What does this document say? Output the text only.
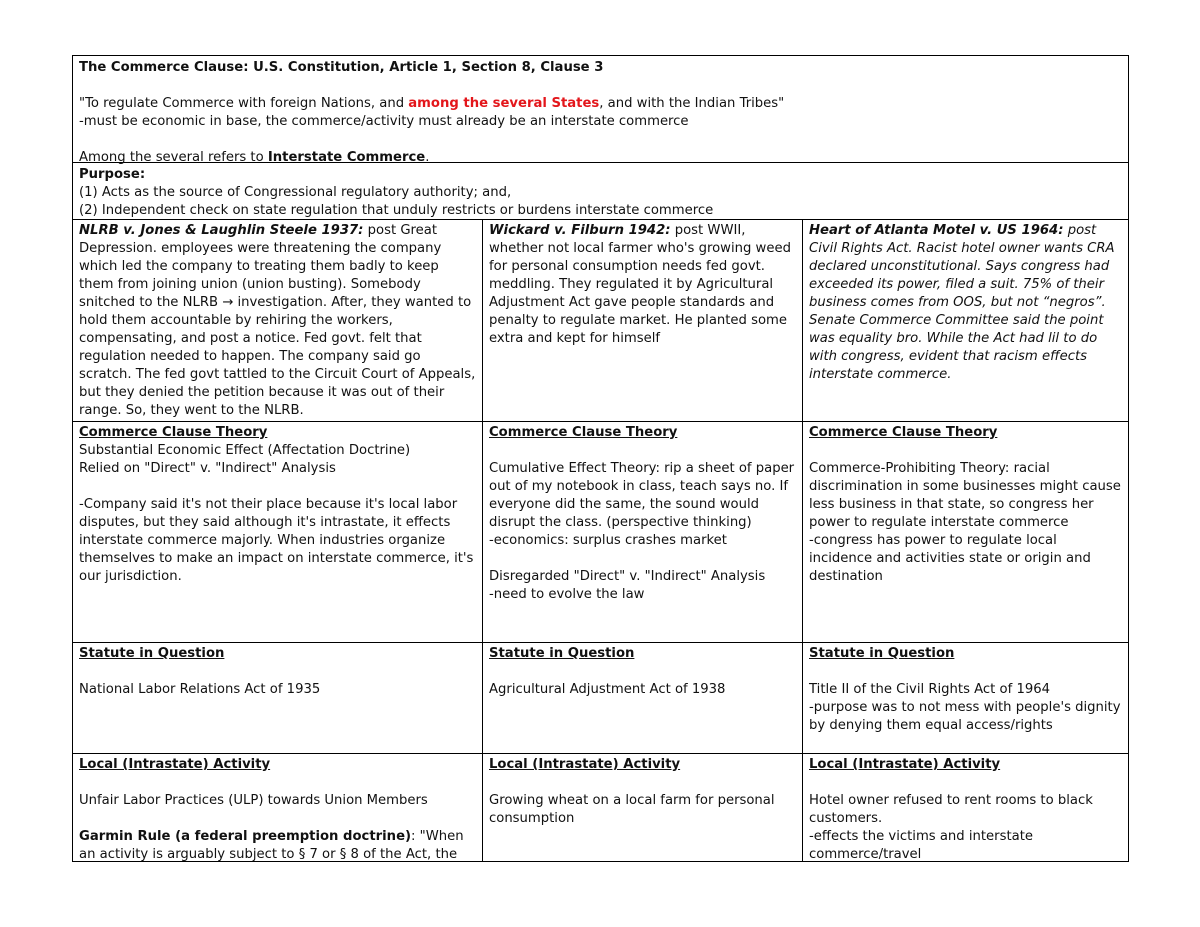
The Commerce Clause: U.S. Constitution, Article 1, Section 8, Clause 3
"To regulate Commerce with foreign Nations, and among the several States, and with the Indian Tribes"
-must be economic in base, the commerce/activity must already be an interstate commerce
Among the several refers to Interstate Commerce.
Purpose:
(1) Acts as the source of Congressional regulatory authority; and,
(2) Independent check on state regulation that unduly restricts or burdens interstate commerce
NLRB v. Jones & Laughlin Steele 1937: post Great Depression. employees were threatening the company which led the company to treating them badly to keep them from joining union (union busting). Somebody snitched to the NLRB → investigation. After, they wanted to hold them accountable by rehiring the workers, compensating, and post a notice. Fed govt. felt that regulation needed to happen. The company said go scratch. The fed govt tattled to the Circuit Court of Appeals, but they denied the petition because it was out of their range. So, they went to the NLRB.
Wickard v. Filburn 1942: post WWII, whether not local farmer who's growing weed for personal consumption needs fed govt. meddling. They regulated it by Agricultural Adjustment Act gave people standards and penalty to regulate market. He planted some extra and kept for himself
Heart of Atlanta Motel v. US 1964: post Civil Rights Act. Racist hotel owner wants CRA declared unconstitutional. Says congress had exceeded its power, filed a suit. 75% of their business comes from OOS, but not “negros”. Senate Commerce Committee said the point was equality bro. While the Act had lil to do with congress, evident that racism effects interstate commerce.
Commerce Clause Theory
Substantial Economic Effect (Affectation Doctrine)
Relied on "Direct" v. "Indirect" Analysis
-Company said it's not their place because it's local labor disputes, but they said although it's intrastate, it effects interstate commerce majorly. When industries organize themselves to make an impact on interstate commerce, it's our jurisdiction.
Commerce Clause Theory
Cumulative Effect Theory: rip a sheet of paper out of my notebook in class, teach says no. If everyone did the same, the sound would disrupt the class. (perspective thinking)
-economics: surplus crashes market
Disregarded "Direct" v. "Indirect" Analysis
-need to evolve the law
Commerce Clause Theory
Commerce-Prohibiting Theory: racial discrimination in some businesses might cause less business in that state, so congress her power to regulate interstate commerce
-congress has power to regulate local incidence and activities state or origin and destination
Statute in Question
National Labor Relations Act of 1935
Statute in Question
Agricultural Adjustment Act of 1938
Statute in Question
Title II of the Civil Rights Act of 1964
-purpose was to not mess with people's dignity by denying them equal access/rights
Local (Intrastate) Activity
Unfair Labor Practices (ULP) towards Union Members
Garmin Rule (a federal preemption doctrine): "When an activity is arguably subject to § 7 or § 8 of the Act, the
Local (Intrastate) Activity
Growing wheat on a local farm for personal consumption
Local (Intrastate) Activity
Hotel owner refused to rent rooms to black customers.
-effects the victims and interstate commerce/travel
